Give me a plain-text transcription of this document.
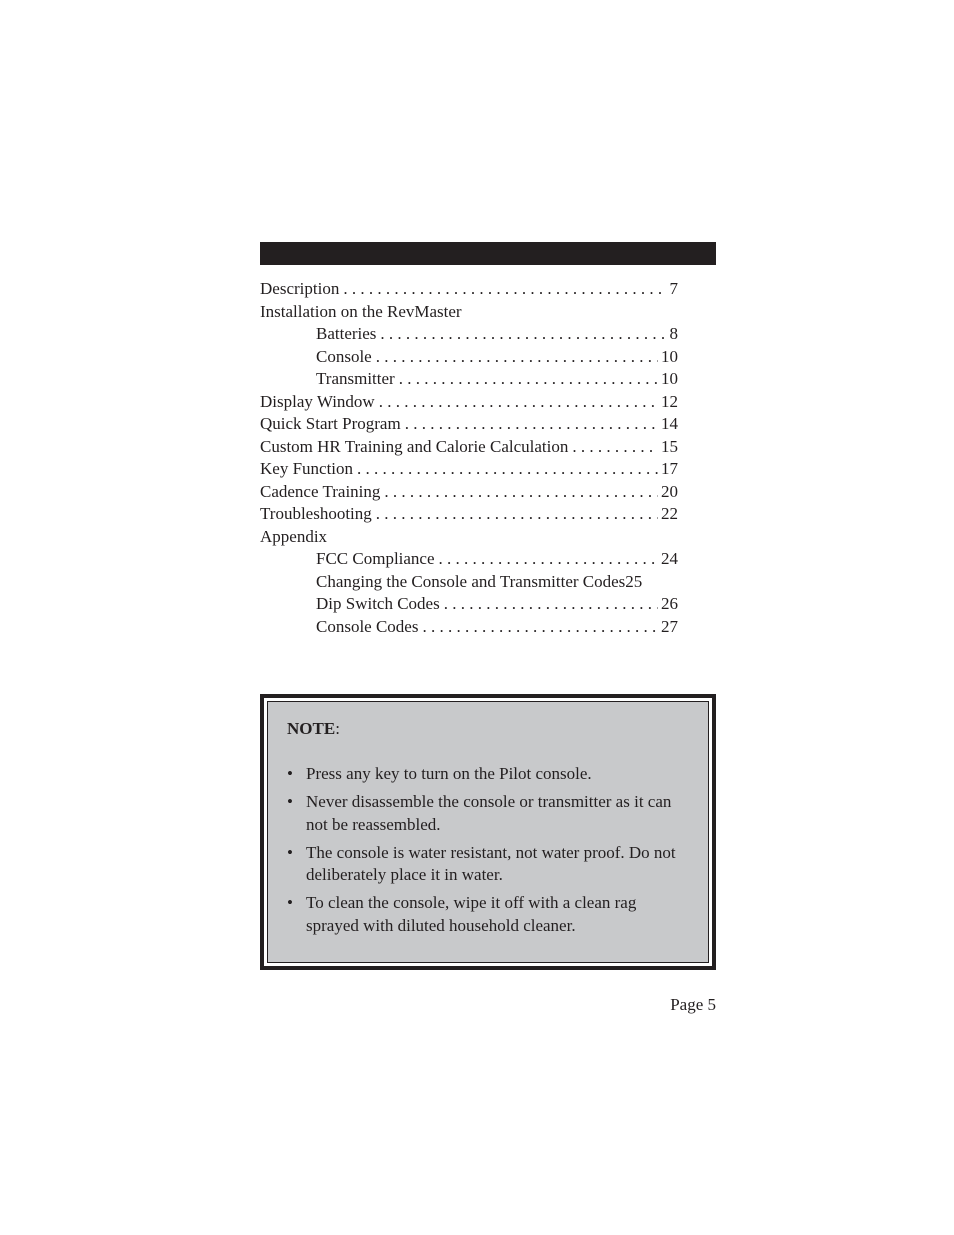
Description . . .	7
Installation on the RevMaster
Batteries . . .	8
Console . . .	10
Transmitter . . .	10
Display Window . . .	12
Quick Start Program . . .	14
Custom HR Training and Calorie Calculation . . .	15
Key Function . . .	17
Cadence Training . . .	20
Troubleshooting . . .	22
Appendix
FCC Compliance . . .	24
Changing the Console and Transmitter Codes 25
Dip Switch Codes . . .	26
Console Codes . . .	27
NOTE:
• Press any key to turn on the Pilot console.
• Never disassemble the console or transmitter as it can not be reassembled.
• The console is water resistant, not water proof. Do not deliberately place it in water.
• To clean the console, wipe it off with a clean rag sprayed with diluted household cleaner.
Page 5
